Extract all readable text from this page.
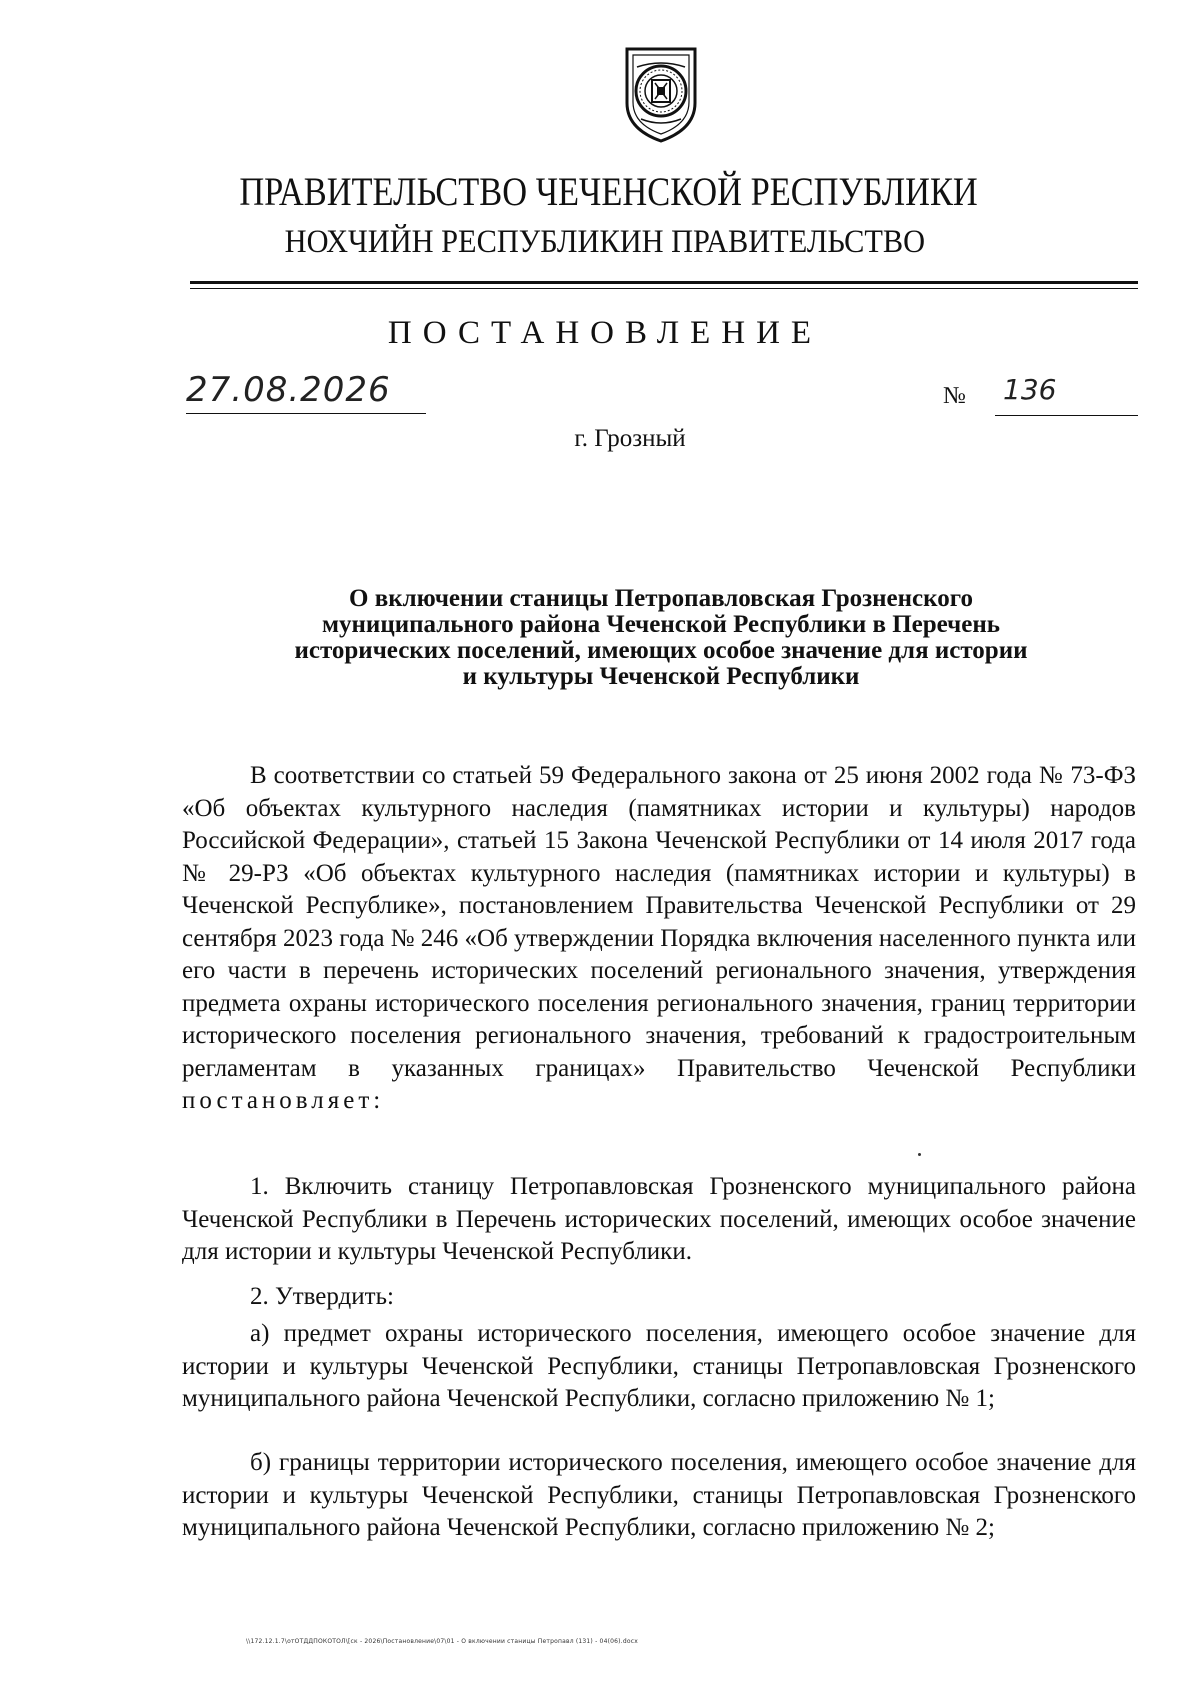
ПРАВИТЕЛЬСТВО ЧЕЧЕНСКОЙ РЕСПУБЛИКИ
НОХЧИЙН РЕСПУБЛИКИН ПРАВИТЕЛЬСТВО
ПОСТАНОВЛЕНИЕ
27.08.2026	№ 136
г. Грозный
О включении станицы Петропавловская Грозненского
муниципального района Чеченской Республики в Перечень
исторических поселений, имеющих особое значение для истории
и культуры Чеченской Республики

В соответствии со статьей 59 Федерального закона от 25 июня 2002 года № 73-ФЗ «Об объектах культурного наследия (памятниках истории и культуры) народов Российской Федерации», статьей 15 Закона Чеченской Республики от 14 июля 2017 года № 29-РЗ «Об объектах культурного наследия (памятниках истории и культуры) в Чеченской Республике», постановлением Правительства Чеченской Республики от 29 сентября 2023 года № 246 «Об утверждении Порядка включения населенного пункта или его части в перечень исторических поселений регионального значения, утверждения предмета охраны исторического поселения регионального значения, границ территории исторического поселения регионального значения, требований к градостроительным регламентам в указанных границах» Правительство Чеченской Республики постановляет:

1. Включить станицу Петропавловская Грозненского муниципального района Чеченской Республики в Перечень исторических поселений, имеющих особое значение для истории и культуры Чеченской Республики.

2. Утвердить:

а) предмет охраны исторического поселения, имеющего особое значение для истории и культуры Чеченской Республики, станицы Петропавловская Грозненского муниципального района Чеченской Республики, согласно приложению № 1;

б) границы территории исторического поселения, имеющего особое значение для истории и культуры Чеченской Республики, станицы Петропавловская Грозненского муниципального района Чеченской Республики, согласно приложению № 2;

\\172.12.1.7\отОТДДПОКОТОЛ\[ск - 2026\Постановление\07\01 - О включении станицы Петропавл (131) - 04(06).docx
